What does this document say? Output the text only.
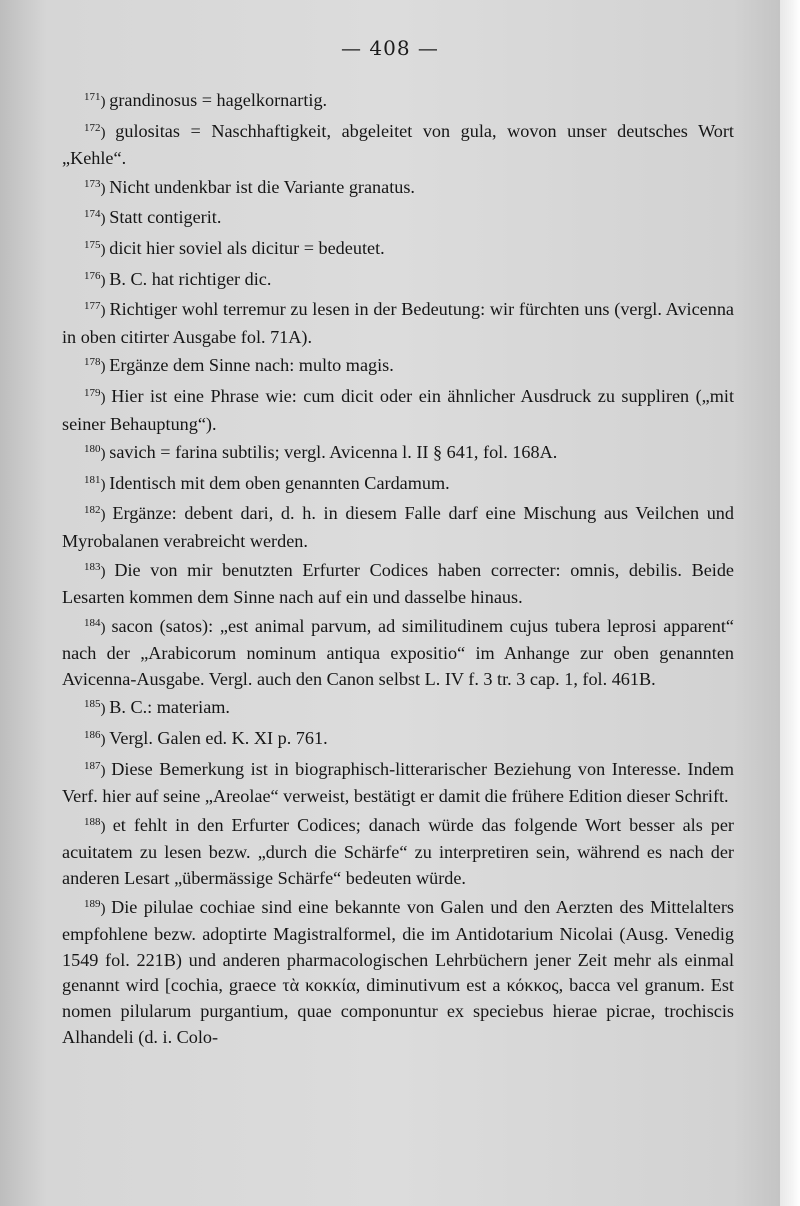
— 408 —

$^{171}$) grandinosus = hagelkornartig.

$^{172}$) gulositas = Naschhaftigkeit, abgeleitet von gula, wovon unser deutsches Wort „Kehle“.

$^{173}$) Nicht undenkbar ist die Variante granatus.

$^{174}$) Statt contigerit.

$^{175}$) dicit hier soviel als dicitur = bedeutet.

$^{176}$) B. C. hat richtiger dic.

$^{177}$) Richtiger wohl terremur zu lesen in der Bedeutung: wir fürchten uns (vergl. Avicenna in oben citirter Ausgabe fol. 71A).

$^{178}$) Ergänze dem Sinne nach: multo magis.

$^{179}$) Hier ist eine Phrase wie: cum dicit oder ein ähnlicher Ausdruck zu suppliren („mit seiner Behauptung“).

$^{180}$) savich = farina subtilis; vergl. Avicenna l. II § 641, fol. 168A.

$^{181}$) Identisch mit dem oben genannten Cardamum.

$^{182}$) Ergänze: debent dari, d. h. in diesem Falle darf eine Mischung aus Veilchen und Myrobalanen verabreicht werden.

$^{183}$) Die von mir benutzten Erfurter Codices haben correcter: omnis, debilis. Beide Lesarten kommen dem Sinne nach auf ein und dasselbe hinaus.

$^{184}$) sacon (satos): „est animal parvum, ad similitudinem cujus tubera leprosi apparent“ nach der „Arabicorum nominum antiqua expositio“ im Anhange zur oben genannten Avicenna-Ausgabe. Vergl. auch den Canon selbst L. IV f. 3 tr. 3 cap. 1, fol. 461B.

$^{185}$) B. C.: materiam.

$^{186}$) Vergl. Galen ed. K. XI p. 761.

$^{187}$) Diese Bemerkung ist in biographisch-litterarischer Beziehung von Interesse. Indem Verf. hier auf seine „Areolae“ verweist, bestätigt er damit die frühere Edition dieser Schrift.

$^{188}$) et fehlt in den Erfurter Codices; danach würde das folgende Wort besser als per acuitatem zu lesen bezw. „durch die Schärfe“ zu interpretiren sein, während es nach der anderen Lesart „übermässige Schärfe“ bedeuten würde.

$^{189}$) Die pilulae cochiae sind eine bekannte von Galen und den Aerzten des Mittelalters empfohlene bezw. adoptirte Magistralformel, die im Antidotarium Nicolai (Ausg. Venedig 1549 fol. 221B) und anderen pharmacologischen Lehrbüchern jener Zeit mehr als einmal genannt wird [cochia, graece τὰ κοκκία, diminutivum est a κόκκος, bacca vel granum. Est nomen pilularum purgantium, quae componuntur ex speciebus hierae picrae, trochiscis Alhandeli (d. i. Colo-
